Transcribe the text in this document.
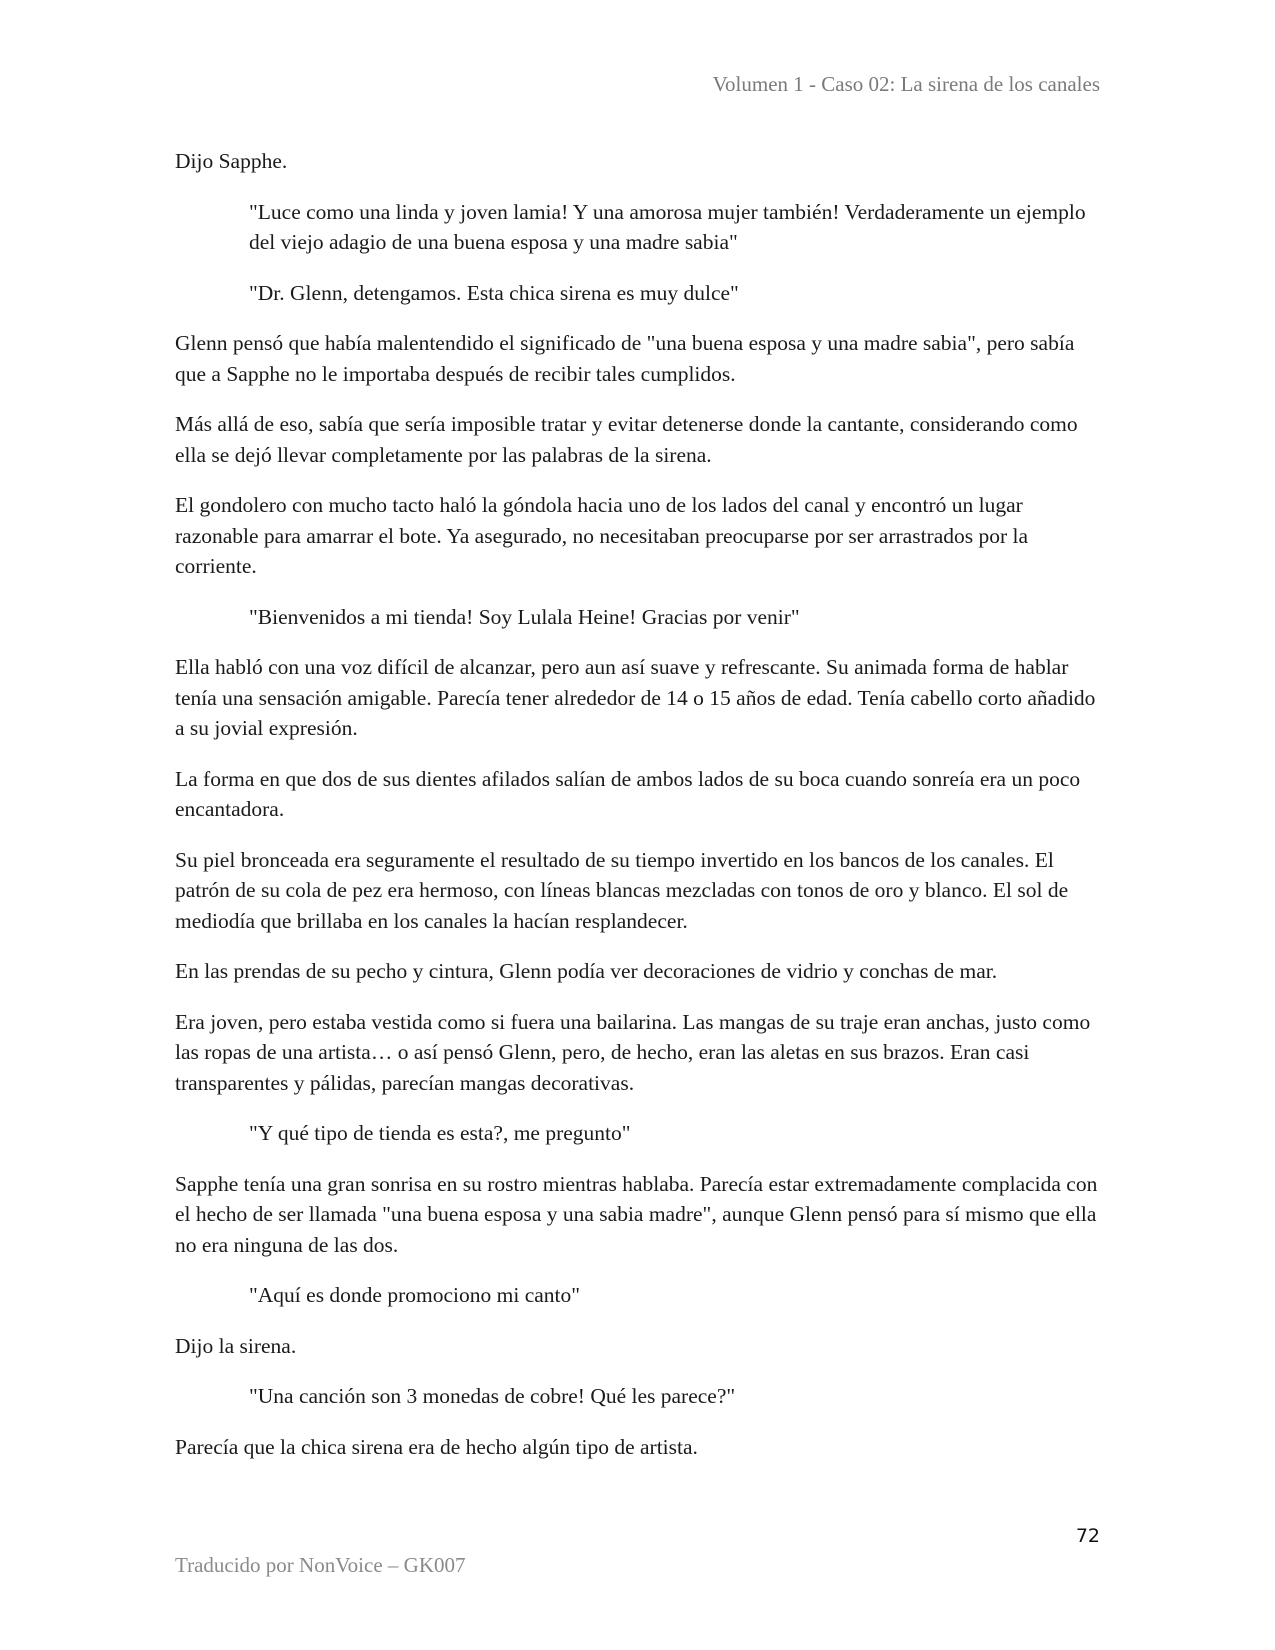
Volumen 1 - Caso 02: La sirena de los canales

Dijo Sapphe.

"Luce como una linda y joven lamia! Y una amorosa mujer también! Verdaderamente un ejemplo del viejo adagio de una buena esposa y una madre sabia"

"Dr. Glenn, detengamos. Esta chica sirena es muy dulce"

Glenn pensó que había malentendido el significado de "una buena esposa y una madre sabia", pero sabía que a Sapphe no le importaba después de recibir tales cumplidos.

Más allá de eso, sabía que sería imposible tratar y evitar detenerse donde la cantante, considerando como ella se dejó llevar completamente por las palabras de la sirena.

El gondolero con mucho tacto haló la góndola hacia uno de los lados del canal y encontró un lugar razonable para amarrar el bote. Ya asegurado, no necesitaban preocuparse por ser arrastrados por la corriente.

"Bienvenidos a mi tienda! Soy Lulala Heine! Gracias por venir"

Ella habló con una voz difícil de alcanzar, pero aun así suave y refrescante. Su animada forma de hablar tenía una sensación amigable. Parecía tener alrededor de 14 o 15 años de edad. Tenía cabello corto añadido a su jovial expresión.

La forma en que dos de sus dientes afilados salían de ambos lados de su boca cuando sonreía era un poco encantadora.

Su piel bronceada era seguramente el resultado de su tiempo invertido en los bancos de los canales. El patrón de su cola de pez era hermoso, con líneas blancas mezcladas con tonos de oro y blanco. El sol de mediodía que brillaba en los canales la hacían resplandecer.

En las prendas de su pecho y cintura, Glenn podía ver decoraciones de vidrio y conchas de mar.

Era joven, pero estaba vestida como si fuera una bailarina. Las mangas de su traje eran anchas, justo como las ropas de una artista… o así pensó Glenn, pero, de hecho, eran las aletas en sus brazos. Eran casi transparentes y pálidas, parecían mangas decorativas.

"Y qué tipo de tienda es esta?, me pregunto"

Sapphe tenía una gran sonrisa en su rostro mientras hablaba. Parecía estar extremadamente complacida con el hecho de ser llamada "una buena esposa y una sabia madre", aunque Glenn pensó para sí mismo que ella no era ninguna de las dos.

"Aquí es donde promociono mi canto"

Dijo la sirena.

"Una canción son 3 monedas de cobre! Qué les parece?"

Parecía que la chica sirena era de hecho algún tipo de artista.

72
Traducido por NonVoice – GK007
